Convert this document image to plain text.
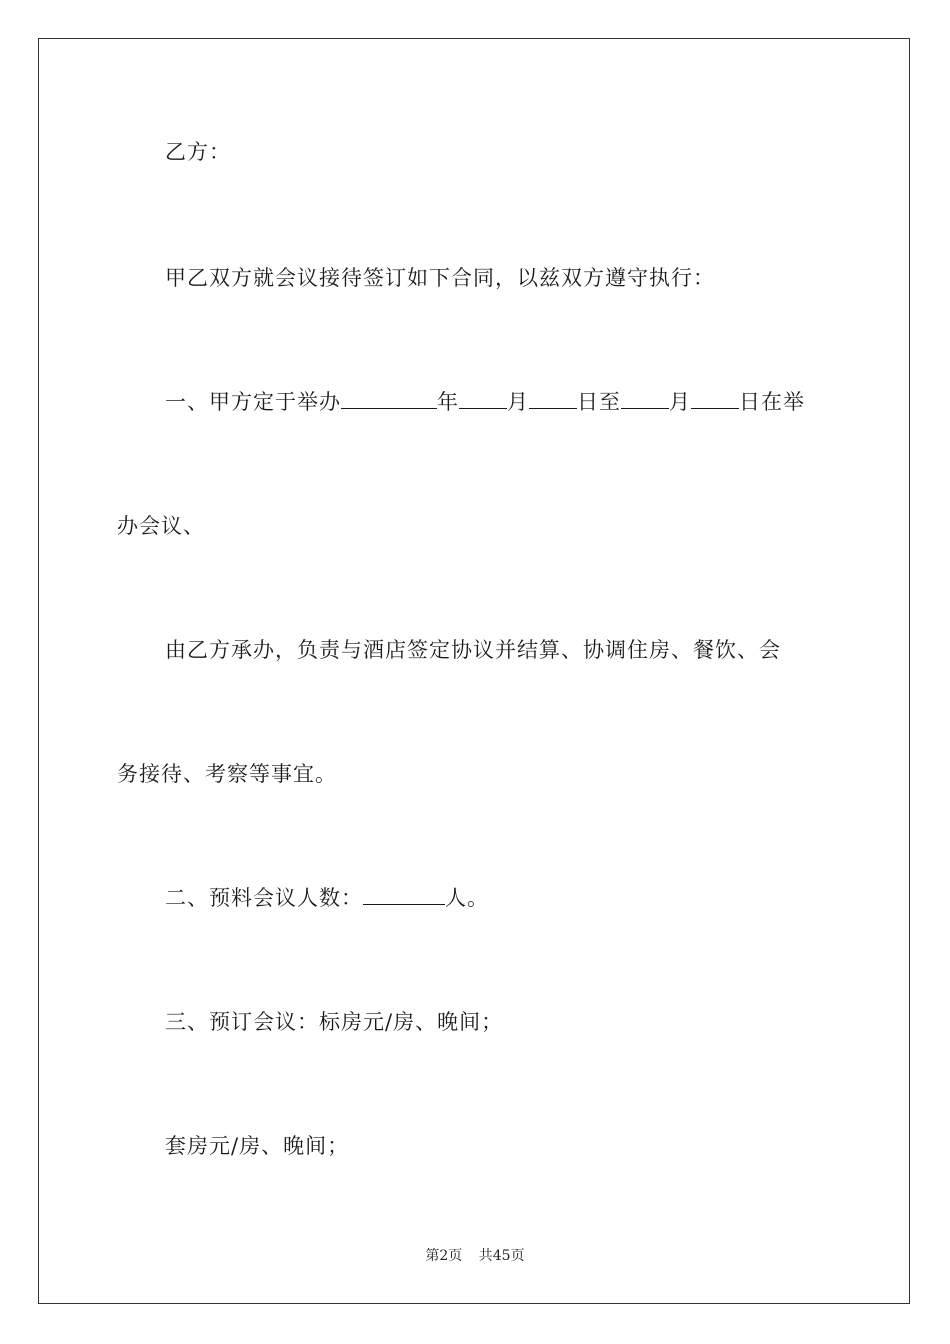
乙方：
甲乙双方就会议接待签订如下合同，以兹双方遵守执行：
一、甲方定于举办	年 月 日至 月 日在举
办会议、
由乙方承办，负责与酒店签定协议并结算、协调住房、餐饮、会
务接待、考察等事宜。
二、预料会议人数：	人。
三、预订会议：标房元/房、晚间；
套房元/房、晚间；
第2页 共45页
